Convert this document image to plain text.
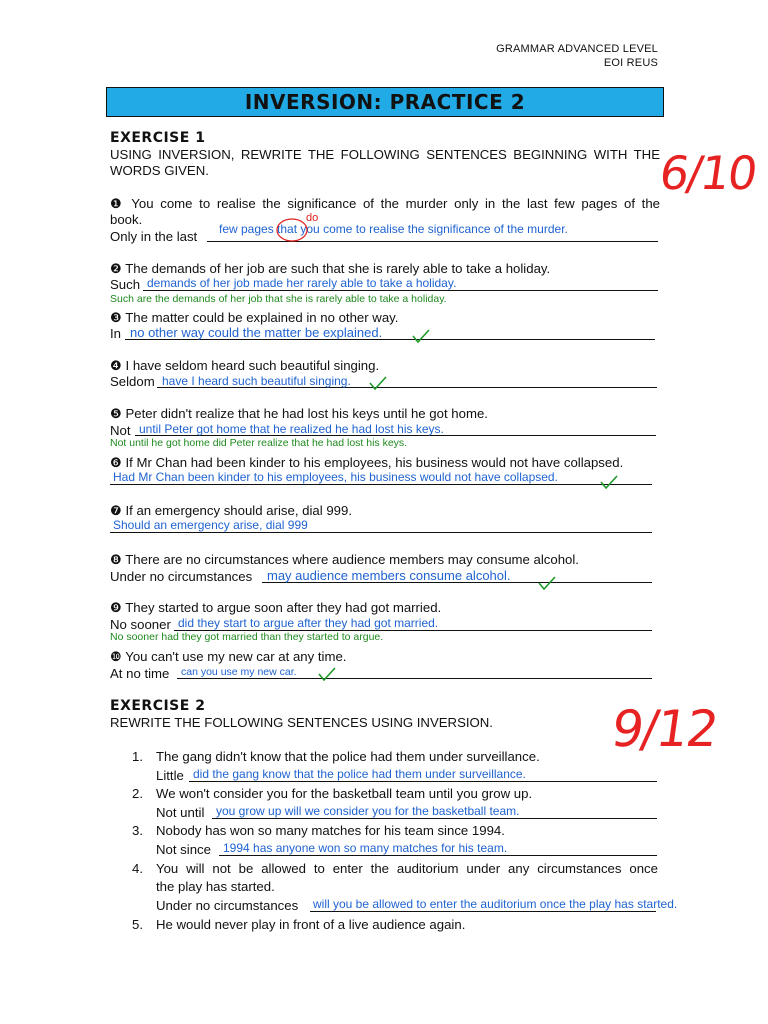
GRAMMAR ADVANCED LEVEL
EOI REUS
INVERSION: PRACTICE 2
EXERCISE 1
USING INVERSION, REWRITE THE FOLLOWING SENTENCES BEGINNING WITH THE
WORDS GIVEN.	6/10
❶ You come to realise the significance of the murder only in the last few pages of the
book.
Only in the last few pages that you come to realise the significance of the murder.
do
❷ The demands of her job are such that she is rarely able to take a holiday.
Such demands of her job made her rarely able to take a holiday.
Such are the demands of her job that she is rarely able to take a holiday.
❸ The matter could be explained in no other way.
In no other way could the matter be explained.
❹ I have seldom heard such beautiful singing.
Seldom have I heard such beautiful singing.
❺ Peter didn't realize that he had lost his keys until he got home.
Not until Peter got home that he realized he had lost his keys.
Not until he got home did Peter realize that he had lost his keys.
❻ If Mr Chan had been kinder to his employees, his business would not have collapsed.
Had Mr Chan been kinder to his employees, his business would not have collapsed.
❼ If an emergency should arise, dial 999.
Should an emergency arise, dial 999
❽ There are no circumstances where audience members may consume alcohol.
Under no circumstances may audience members consume alcohol.
❾ They started to argue soon after they had got married.
No sooner did they start to argue after they had got married.
No sooner had they got married than they started to argue.
❿ You can't use my new car at any time.
At no time can you use my new car.
EXERCISE 2
REWRITE THE FOLLOWING SENTENCES USING INVERSION.	9/12
1. The gang didn't know that the police had them under surveillance.
Little did the gang know that the police had them under surveillance.
2. We won't consider you for the basketball team until you grow up.
Not until you grow up will we consider you for the basketball team.
3. Nobody has won so many matches for his team since 1994.
Not since 1994 has anyone won so many matches for his team.
4. You will not be allowed to enter the auditorium under any circumstances once
the play has started.
Under no circumstances will you be allowed to enter the auditorium once the play has started.
5. He would never play in front of a live audience again.
